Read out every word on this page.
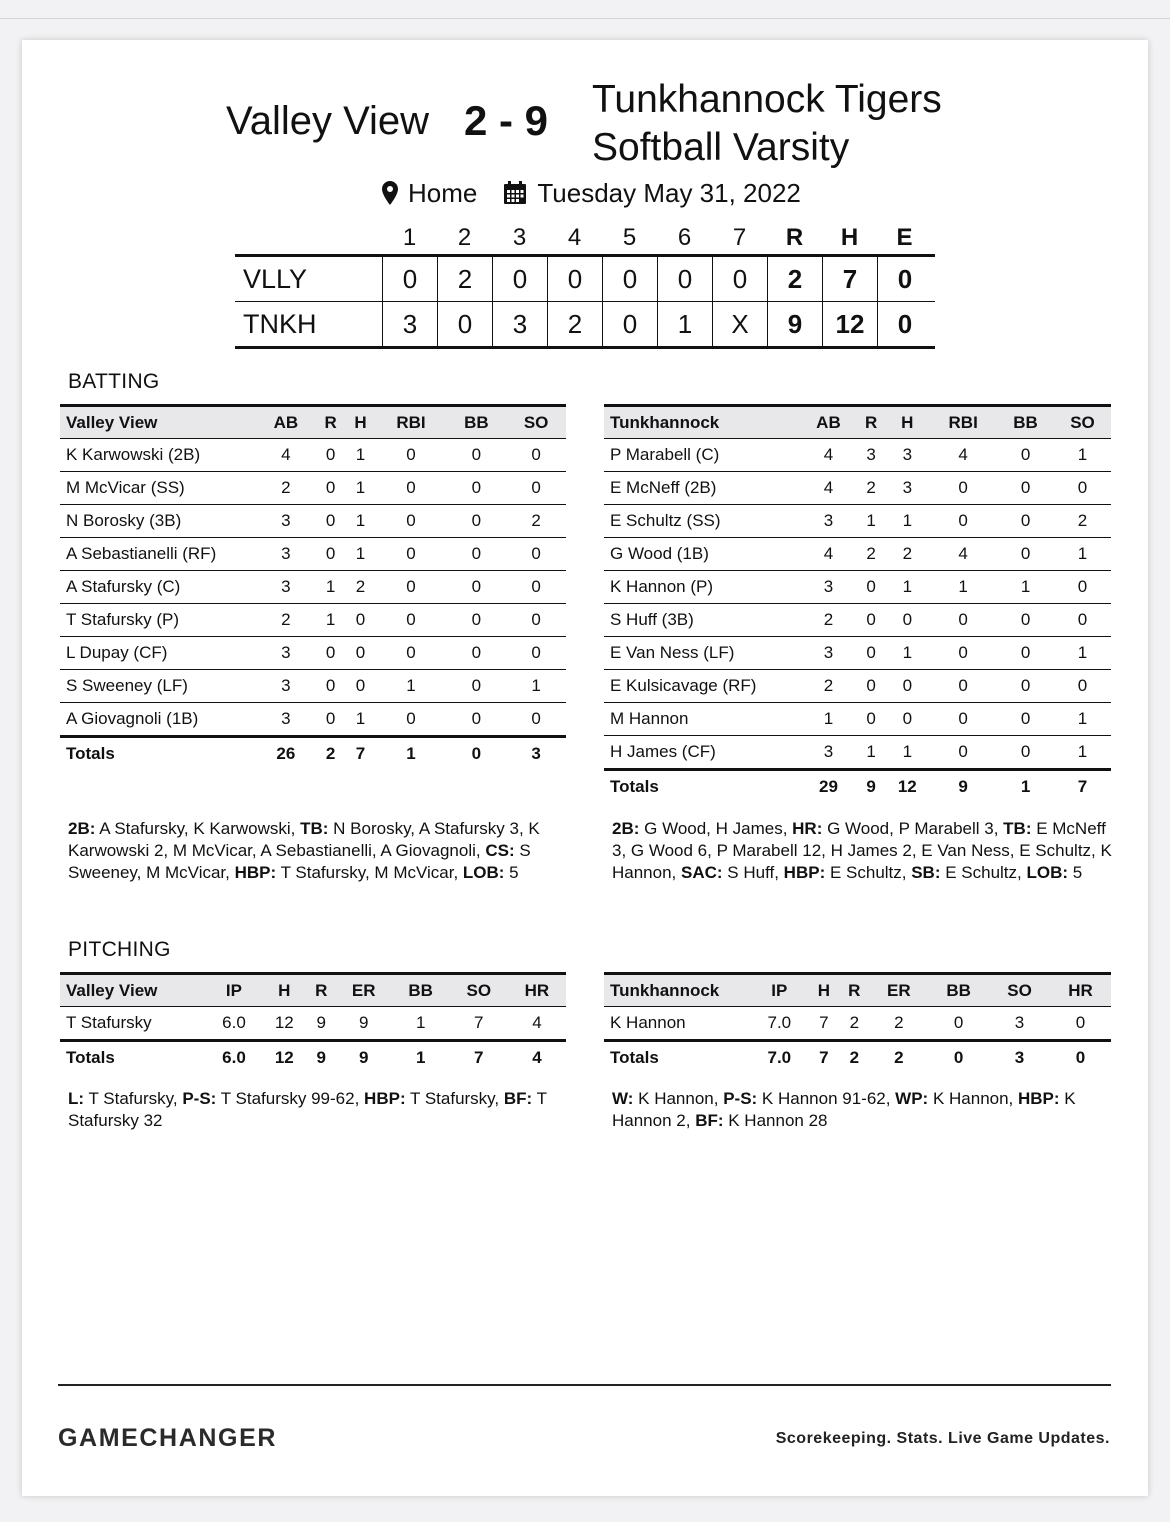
Valley View 2 - 9 Tunkhannock Tigers
Softball Varsity
Home Tuesday May 31, 2022
1	2	3	4	5	6	7	R	H	E
VLLY	0	2	0	0	0	0	0	2	7	0
TNKH	3	0	3	2	0	1	X	9	12	0
BATTING
Valley View	AB	R	H	RBI	BB	SO
K Karwowski (2B)	4	0	1	0	0	0
M McVicar (SS)	2	0	1	0	0	0
N Borosky (3B)	3	0	1	0	0	2
A Sebastianelli (RF)	3	0	1	0	0	0
A Stafursky (C)	3	1	2	0	0	0
T Stafursky (P)	2	1	0	0	0	0
L Dupay (CF)	3	0	0	0	0	0
S Sweeney (LF)	3	0	0	1	0	1
A Giovagnoli (1B)	3	0	1	0	0	0
Totals	26	2	7	1	0	3
Tunkhannock	AB	R	H	RBI	BB	SO
P Marabell (C)	4	3	3	4	0	1
E McNeff (2B)	4	2	3	0	0	0
E Schultz (SS)	3	1	1	0	0	2
G Wood (1B)	4	2	2	4	0	1
K Hannon (P)	3	0	1	1	1	0
S Huff (3B)	2	0	0	0	0	0
E Van Ness (LF)	3	0	1	0	0	1
E Kulsicavage (RF)	2	0	0	0	0	0
M Hannon	1	0	0	0	0	1
H James (CF)	3	1	1	0	0	1
Totals	29	9	12	9	1	7
2B: A Stafursky, K Karwowski, TB: N Borosky, A Stafursky 3, K Karwowski 2, M McVicar, A Sebastianelli, A Giovagnoli, CS: S Sweeney, M McVicar, HBP: T Stafursky, M McVicar, LOB: 5
2B: G Wood, H James, HR: G Wood, P Marabell 3, TB: E McNeff 3, G Wood 6, P Marabell 12, H James 2, E Van Ness, E Schultz, K Hannon, SAC: S Huff, HBP: E Schultz, SB: E Schultz, LOB: 5
PITCHING
Valley View	IP	H	R	ER	BB	SO	HR
T Stafursky	6.0	12	9	9	1	7	4
Totals	6.0	12	9	9	1	7	4
Tunkhannock	IP	H	R	ER	BB	SO	HR
K Hannon	7.0	7	2	2	0	3	0
Totals	7.0	7	2	2	0	3	0
L: T Stafursky, P-S: T Stafursky 99-62, HBP: T Stafursky, BF: T Stafursky 32
W: K Hannon, P-S: K Hannon 91-62, WP: K Hannon, HBP: K Hannon 2, BF: K Hannon 28
GAMECHANGER	Scorekeeping. Stats. Live Game Updates.
